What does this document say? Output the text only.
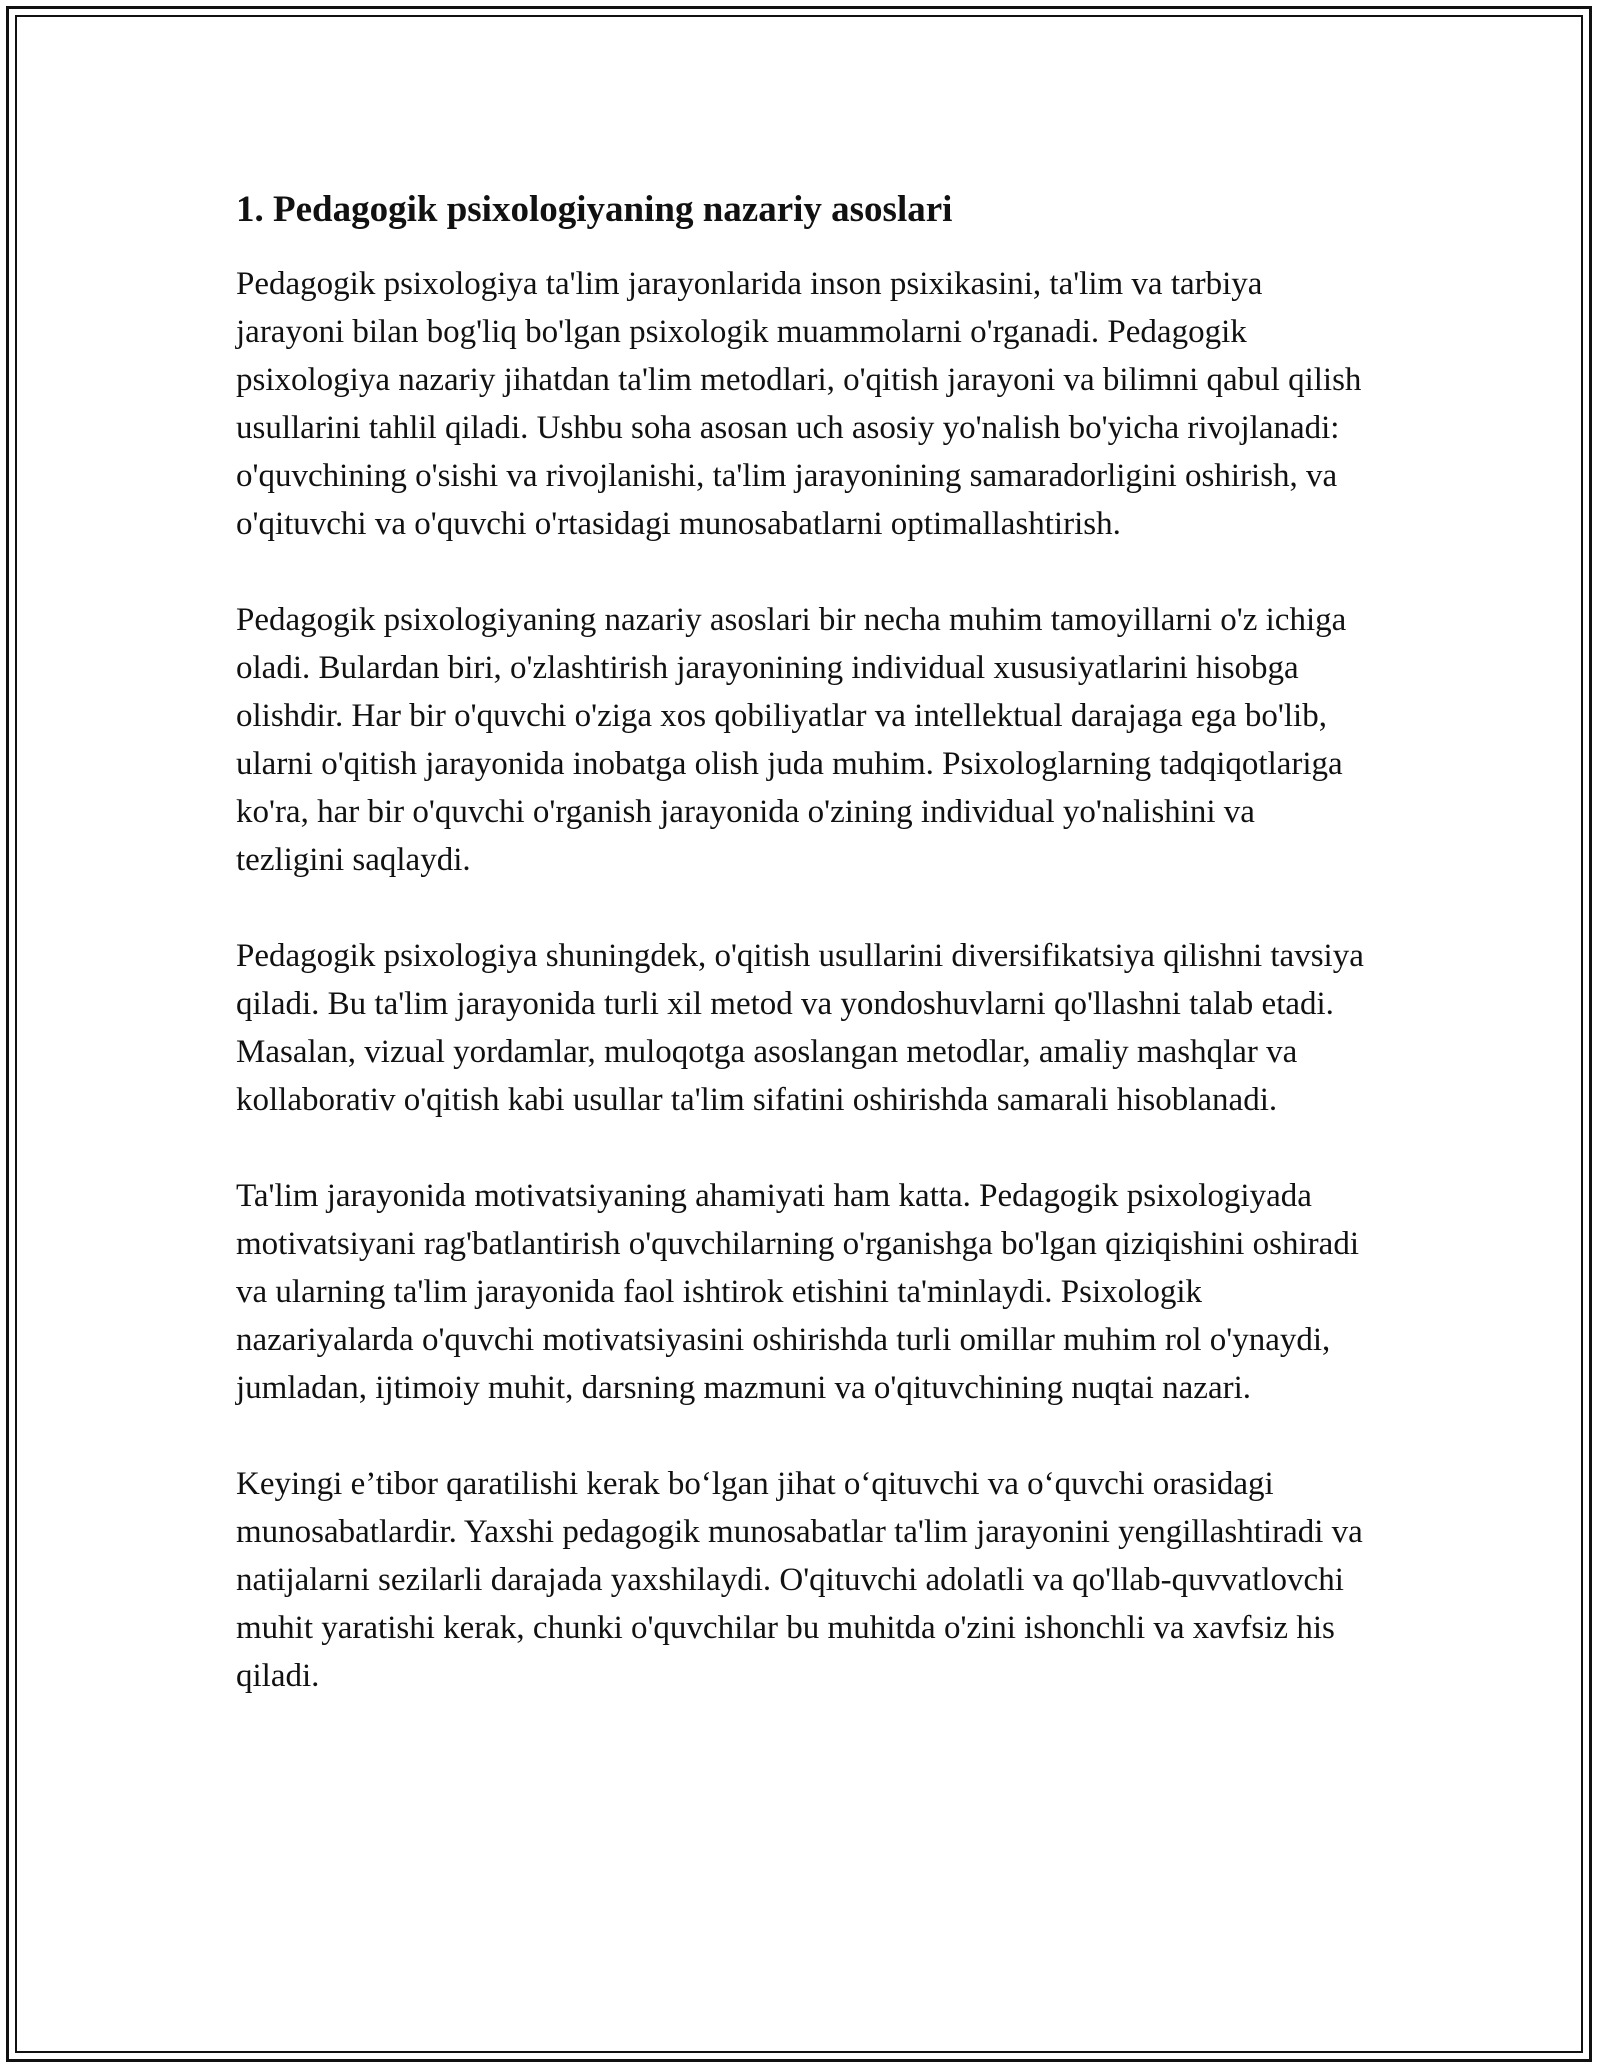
1. Pedagogik psixologiyaning nazariy asoslari

Pedagogik psixologiya ta'lim jarayonlarida inson psixikasini, ta'lim va tarbiya jarayoni bilan bog'liq bo'lgan psixologik muammolarni o'rganadi. Pedagogik psixologiya nazariy jihatdan ta'lim metodlari, o'qitish jarayoni va bilimni qabul qilish usullarini tahlil qiladi. Ushbu soha asosan uch asosiy yo'nalish bo'yicha rivojlanadi: o'quvchining o'sishi va rivojlanishi, ta'lim jarayonining samaradorligini oshirish, va o'qituvchi va o'quvchi o'rtasidagi munosabatlarni optimallashtirish.

Pedagogik psixologiyaning nazariy asoslari bir necha muhim tamoyillarni o'z ichiga oladi. Bulardan biri, o'zlashtirish jarayonining individual xususiyatlarini hisobga olishdir. Har bir o'quvchi o'ziga xos qobiliyatlar va intellektual darajaga ega bo'lib, ularni o'qitish jarayonida inobatga olish juda muhim. Psixologlarning tadqiqotlariga ko'ra, har bir o'quvchi o'rganish jarayonida o'zining individual yo'nalishini va tezligini saqlaydi.

Pedagogik psixologiya shuningdek, o'qitish usullarini diversifikatsiya qilishni tavsiya qiladi. Bu ta'lim jarayonida turli xil metod va yondoshuvlarni qo'llashni talab etadi. Masalan, vizual yordamlar, muloqotga asoslangan metodlar, amaliy mashqlar va kollaborativ o'qitish kabi usullar ta'lim sifatini oshirishda samarali hisoblanadi.

Ta'lim jarayonida motivatsiyaning ahamiyati ham katta. Pedagogik psixologiyada motivatsiyani rag'batlantirish o'quvchilarning o'rganishga bo'lgan qiziqishini oshiradi va ularning ta'lim jarayonida faol ishtirok etishini ta'minlaydi. Psixologik nazariyalarda o'quvchi motivatsiyasini oshirishda turli omillar muhim rol o'ynaydi, jumladan, ijtimoiy muhit, darsning mazmuni va o'qituvchining nuqtai nazari.

Keyingi e’tibor qaratilishi kerak bo‘lgan jihat o‘qituvchi va o‘quvchi orasidagi munosabatlardir. Yaxshi pedagogik munosabatlar ta'lim jarayonini yengillashtiradi va natijalarni sezilarli darajada yaxshilaydi. O'qituvchi adolatli va qo'llab-quvvatlovchi muhit yaratishi kerak, chunki o'quvchilar bu muhitda o'zini ishonchli va xavfsiz his qiladi.
